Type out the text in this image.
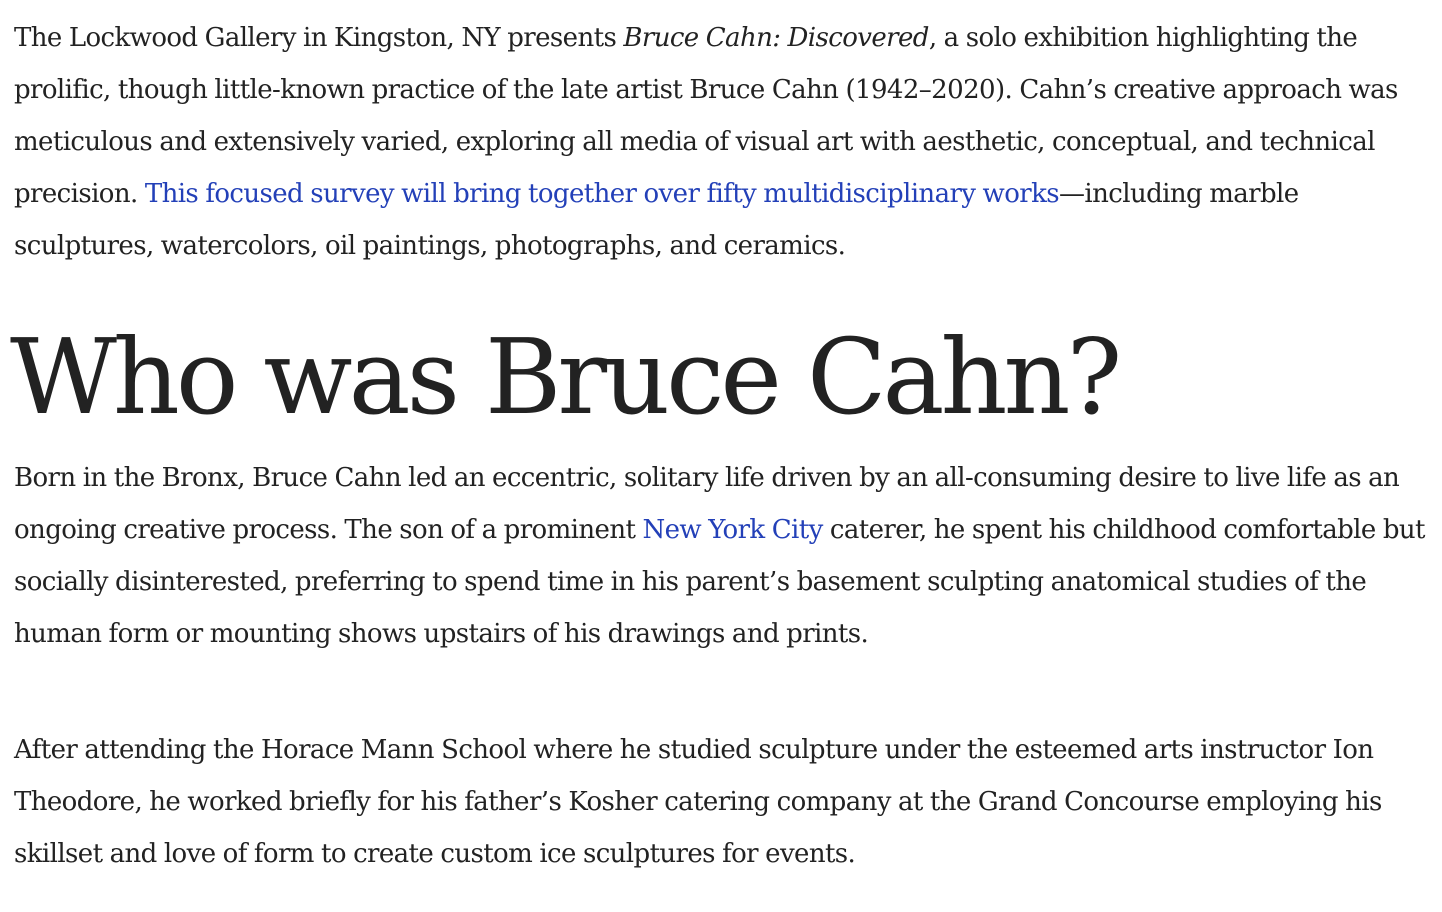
The Lockwood Gallery in Kingston, NY presents Bruce Cahn: Discovered, a solo exhibition highlighting the prolific, though little-known practice of the late artist Bruce Cahn (1942–2020). Cahn’s creative approach was meticulous and extensively varied, exploring all media of visual art with aesthetic, conceptual, and technical precision. This focused survey will bring together over fifty multidisciplinary works—including marble sculptures, watercolors, oil paintings, photographs, and ceramics.

Who was Bruce Cahn?

Born in the Bronx, Bruce Cahn led an eccentric, solitary life driven by an all-consuming desire to live life as an ongoing creative process. The son of a prominent New York City caterer, he spent his childhood comfortable but socially disinterested, preferring to spend time in his parent’s basement sculpting anatomical studies of the human form or mounting shows upstairs of his drawings and prints.

After attending the Horace Mann School where he studied sculpture under the esteemed arts instructor Ion Theodore, he worked briefly for his father’s Kosher catering company at the Grand Concourse employing his skillset and love of form to create custom ice sculptures for events.
